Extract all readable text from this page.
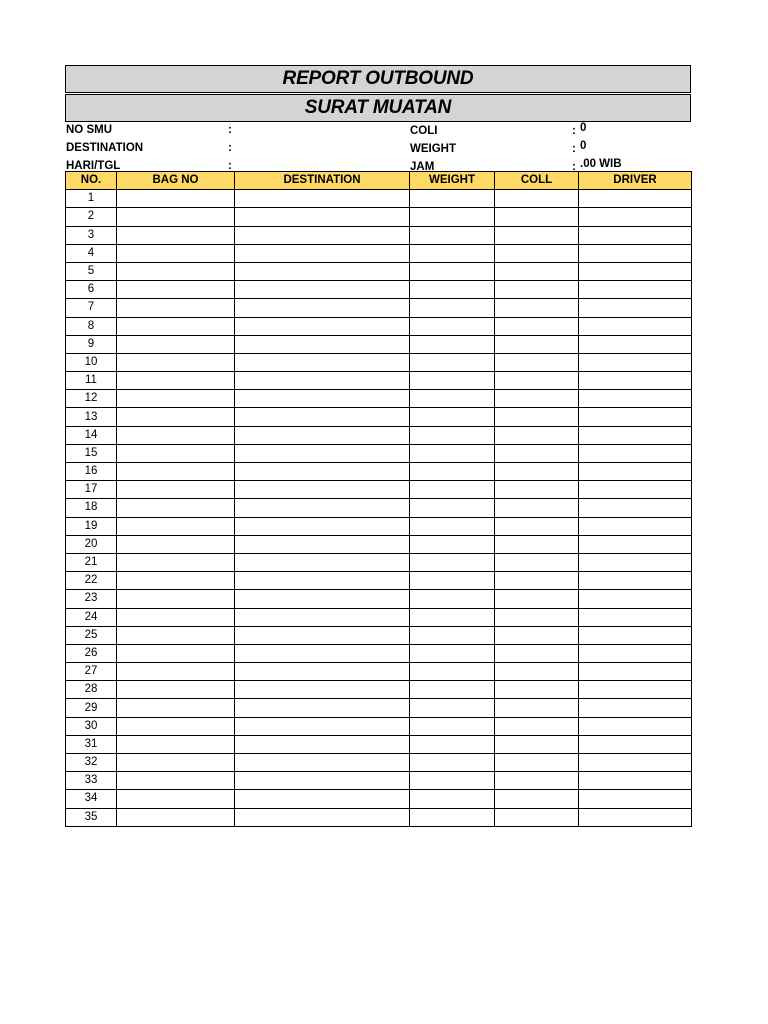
REPORT OUTBOUND
SURAT MUATAN
NO SMU	:
DESTINATION	:
HARI/TGL	:
COLI	: 0
WEIGHT	: 0
JAM	: .00 WIB
NO.	BAG NO	DESTINATION	WEIGHT	COLL	DRIVER
1					
2					
3					
4					
5					
6					
7					
8					
9					
10					
11					
12					
13					
14					
15					
16					
17					
18					
19					
20					
21					
22					
23					
24					
25					
26					
27					
28					
29					
30					
31					
32					
33					
34					
35					
